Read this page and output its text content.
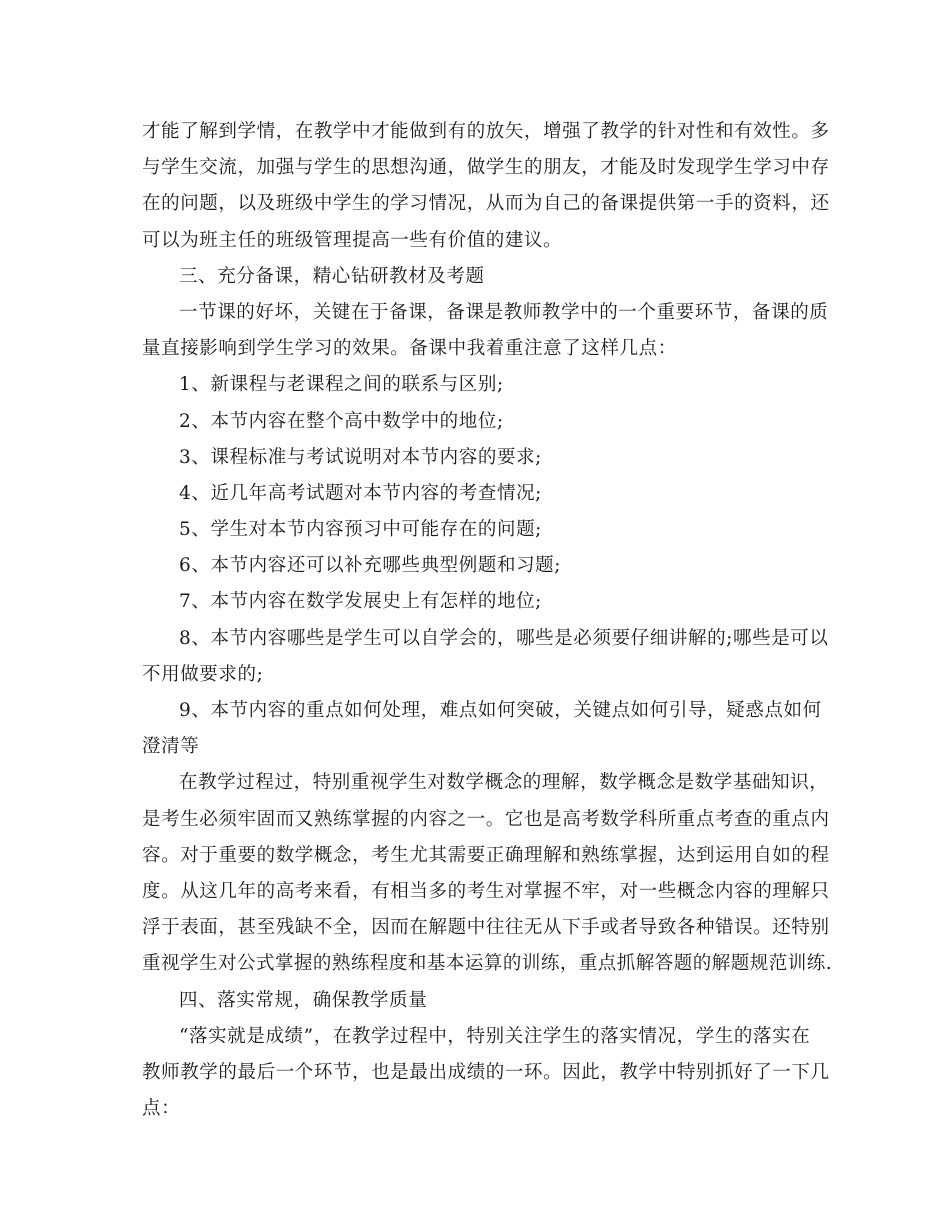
才能了解到学情，在教学中才能做到有的放矢，增强了教学的针对性和有效性。多
与学生交流，加强与学生的思想沟通，做学生的朋友，才能及时发现学生学习中存
在的问题，以及班级中学生的学习情况，从而为自己的备课提供第一手的资料，还
可以为班主任的班级管理提高一些有价值的建议。
三、充分备课，精心钻研教材及考题
一节课的好坏，关键在于备课，备课是教师教学中的一个重要环节，备课的质
量直接影响到学生学习的效果。备课中我着重注意了这样几点：
1、新课程与老课程之间的联系与区别;
2、本节内容在整个高中数学中的地位;
3、课程标准与考试说明对本节内容的要求;
4、近几年高考试题对本节内容的考查情况;
5、学生对本节内容预习中可能存在的问题;
6、本节内容还可以补充哪些典型例题和习题;
7、本节内容在数学发展史上有怎样的地位;
8、本节内容哪些是学生可以自学会的，哪些是必须要仔细讲解的;哪些是可以
不用做要求的;
9、本节内容的重点如何处理，难点如何突破，关键点如何引导，疑惑点如何
澄清等
在教学过程过，特别重视学生对数学概念的理解，数学概念是数学基础知识，
是考生必须牢固而又熟练掌握的内容之一。它也是高考数学科所重点考查的重点内
容。对于重要的数学概念，考生尤其需要正确理解和熟练掌握，达到运用自如的程
度。从这几年的高考来看，有相当多的考生对掌握不牢，对一些概念内容的理解只
浮于表面，甚至残缺不全，因而在解题中往往无从下手或者导致各种错误。还特别
重视学生对公式掌握的熟练程度和基本运算的训练，重点抓解答题的解题规范训练.
四、落实常规，确保教学质量
“落实就是成绩”，在教学过程中，特别关注学生的落实情况，学生的落实在
教师教学的最后一个环节，也是最出成绩的一环。因此，教学中特别抓好了一下几
点：
